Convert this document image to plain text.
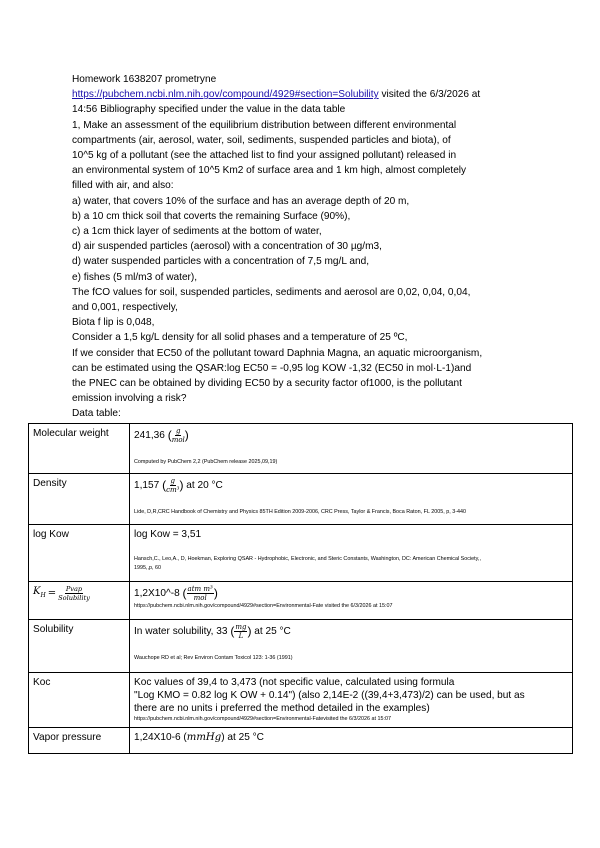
Homework 1638207 prometryne
https://pubchem.ncbi.nlm.nih.gov/compound/4929#section=Solubility visited the 6/3/2026 at
14:56 Bibliography specified under the value in the data table
1, Make an assessment of the equilibrium distribution between different environmental
compartments (air, aerosol, water, soil, sediments, suspended particles and biota), of
10^5 kg of a pollutant (see the attached list to find your assigned pollutant) released in
an environmental system of 10^5 Km2 of surface area and 1 km high, almost completely
filled with air, and also:
a) water, that covers 10% of the surface and has an average depth of 20 m,
b) a 10 cm thick soil that coverts the remaining Surface (90%),
c) a 1cm thick layer of sediments at the bottom of water,
d) air suspended particles (aerosol) with a concentration of 30 µg/m3,
d) water suspended particles with a concentration of 7,5 mg/L and,
e) fishes (5 ml/m3 of water),
The fCO values for soil, suspended particles, sediments and aerosol are 0,02, 0,04, 0,04,
and 0,001, respectively,
Biota f lip is 0,048,
Consider a 1,5 kg/L density for all solid phases and a temperature of 25 ºC,
If we consider that EC50 of the pollutant toward Daphnia Magna, an aquatic microorganism,
can be estimated using the QSAR:log EC50 = -0,95 log KOW -1,32 (EC50 in mol·L-1)and
the PNEC can be obtained by dividing EC50 by a security factor of1000, is the pollutant
emission involving a risk?
Data table:
Molecular weight	241,36 ( $\frac{g}{\text{mol}}$ )
Computed by PubChem 2,2 (PubChem release 2025,09,19)

Density	1,157 ( $\frac{g}{\text{cm³}}$ ) at 20 °C
Lide, D,R,CRC Handbook of Chemistry and Physics 85TH Edition 2009-2006, CRC Press, Taylor & Francis, Boca Raton, FL 2005, p, 3-440

log Kow	log Kow = 3,51
Hansch,C., Leo,A., D, Hoekman, Exploring QSAR - Hydrophobic, Electronic, and Steric Constants, Washington, DC: American Chemical Society,,
1995,,p, 60

$K_H = \frac{\text{Pvap}}{\text{Solubility}}$	1,2X10^-8 ( $\frac{\text{atm m³}}{\text{mol}}$ )
https://pubchem.ncbi.nlm.nih.gov/compound/4929#section=Environmental-Fate visited the 6/3/2026 at 15:07

Solubility	In water solubility, 33 ( $\frac{mg}{L}$ ) at 25 °C
Wauchope RD et al; Rev Environ Contam Toxicol 123: 1-36 (1991)

Koc	Koc values of 39,4 to 3,473 (not specific value, calculated using formula
"Log KMO = 0.82 log K OW + 0.14") (also 2,14E-2 ((39,4+3,473)/2) can be used, but as
there are no units i preferred the method detailed in the examples)
https://pubchem.ncbi.nlm.nih.gov/compound/4929#section=Environmental-Fatevisited the 6/3/2026 at 15:07

Vapor pressure	1,24X10-6 (mmHg) at 25 °C
